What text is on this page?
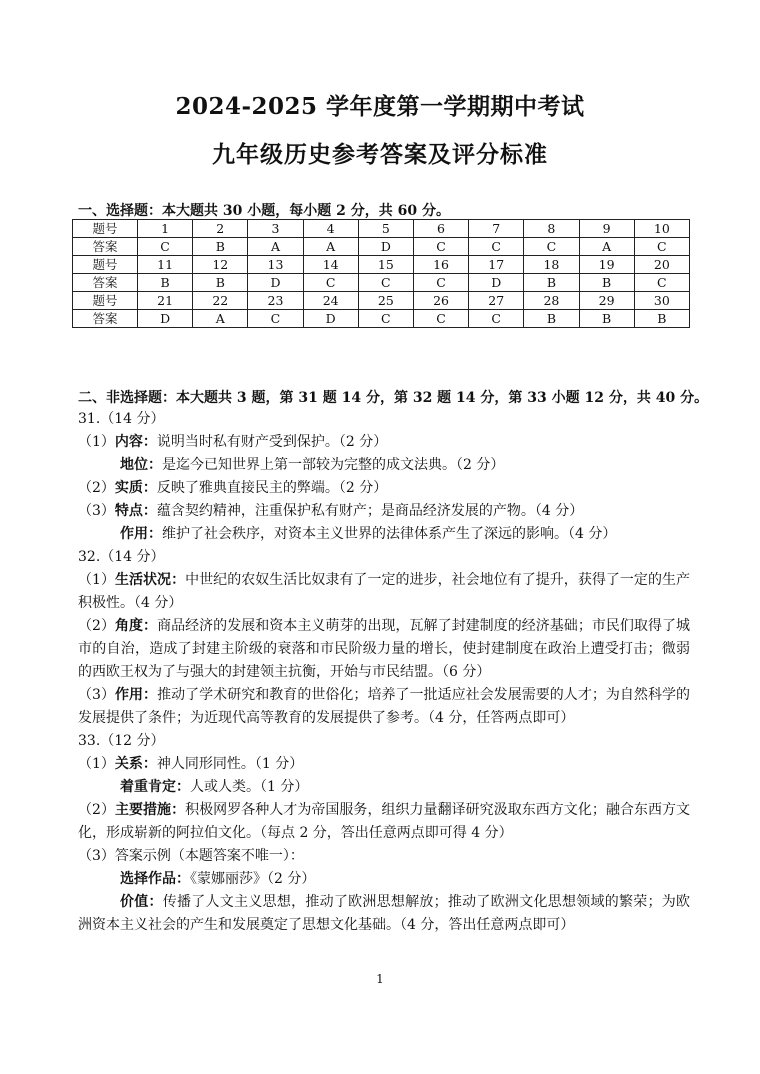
2024-2025 学年度第一学期期中考试
九年级历史参考答案及评分标准
一、选择题：本大题共 30 小题，每小题 2 分，共 60 分。
题号	1	2	3	4	5	6	7	8	9	10
答案	C	B	A	A	D	C	C	C	A	C
题号	11	12	13	14	15	16	17	18	19	20
答案	B	B	D	C	C	C	D	B	B	C
题号	21	22	23	24	25	26	27	28	29	30
答案	D	A	C	D	C	C	C	B	B	B
二、非选择题：本大题共 3 题，第 31 题 14 分，第 32 题 14 分，第 33 小题 12 分，共 40 分。
31.（14 分）
（1）内容：说明当时私有财产受到保护。（2 分）
地位：是迄今已知世界上第一部较为完整的成文法典。（2 分）
（2）实质：反映了雅典直接民主的弊端。（2 分）
（3）特点：蕴含契约精神，注重保护私有财产；是商品经济发展的产物。（4 分）
作用：维护了社会秩序，对资本主义世界的法律体系产生了深远的影响。（4 分）
32.（14 分）
（1）生活状况：中世纪的农奴生活比奴隶有了一定的进步，社会地位有了提升，获得了一定的生产积极性。（4 分）
（2）角度：商品经济的发展和资本主义萌芽的出现，瓦解了封建制度的经济基础；市民们取得了城市的自治，造成了封建主阶级的衰落和市民阶级力量的增长，使封建制度在政治上遭受打击；微弱的西欧王权为了与强大的封建领主抗衡，开始与市民结盟。（6 分）
（3）作用：推动了学术研究和教育的世俗化；培养了一批适应社会发展需要的人才；为自然科学的发展提供了条件；为近现代高等教育的发展提供了参考。（4 分，任答两点即可）
33.（12 分）
（1）关系：神人同形同性。（1 分）
着重肯定：人或人类。（1 分）
（2）主要措施：积极网罗各种人才为帝国服务，组织力量翻译研究汲取东西方文化；融合东西方文化，形成崭新的阿拉伯文化。（每点 2 分，答出任意两点即可得 4 分）
（3）答案示例（本题答案不唯一）：
选择作品：《蒙娜丽莎》（2 分）
价值：传播了人文主义思想，推动了欧洲思想解放；推动了欧洲文化思想领域的繁荣；为欧洲资本主义社会的产生和发展奠定了思想文化基础。（4 分，答出任意两点即可）
1
